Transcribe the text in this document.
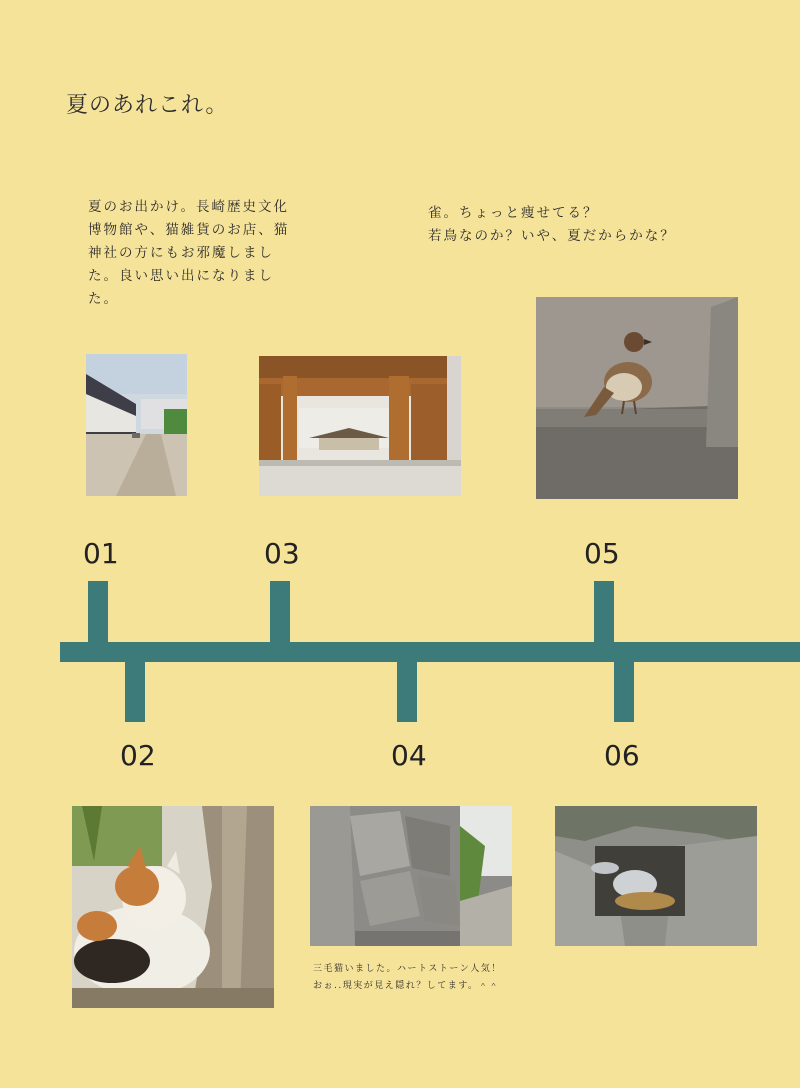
夏のあれこれ。
夏のお出かけ。長崎歴史文化
博物館や、猫雑貨のお店、猫
神社の方にもお邪魔しまし
た。良い思い出になりまし
た。
雀。ちょっと痩せてる？
若鳥なのか？いや、夏だからかな？
01
02
03
04
05
06
三毛猫いました。ハートストーン人気！
おぉ..現実が見え隠れ？してます。＾＾
